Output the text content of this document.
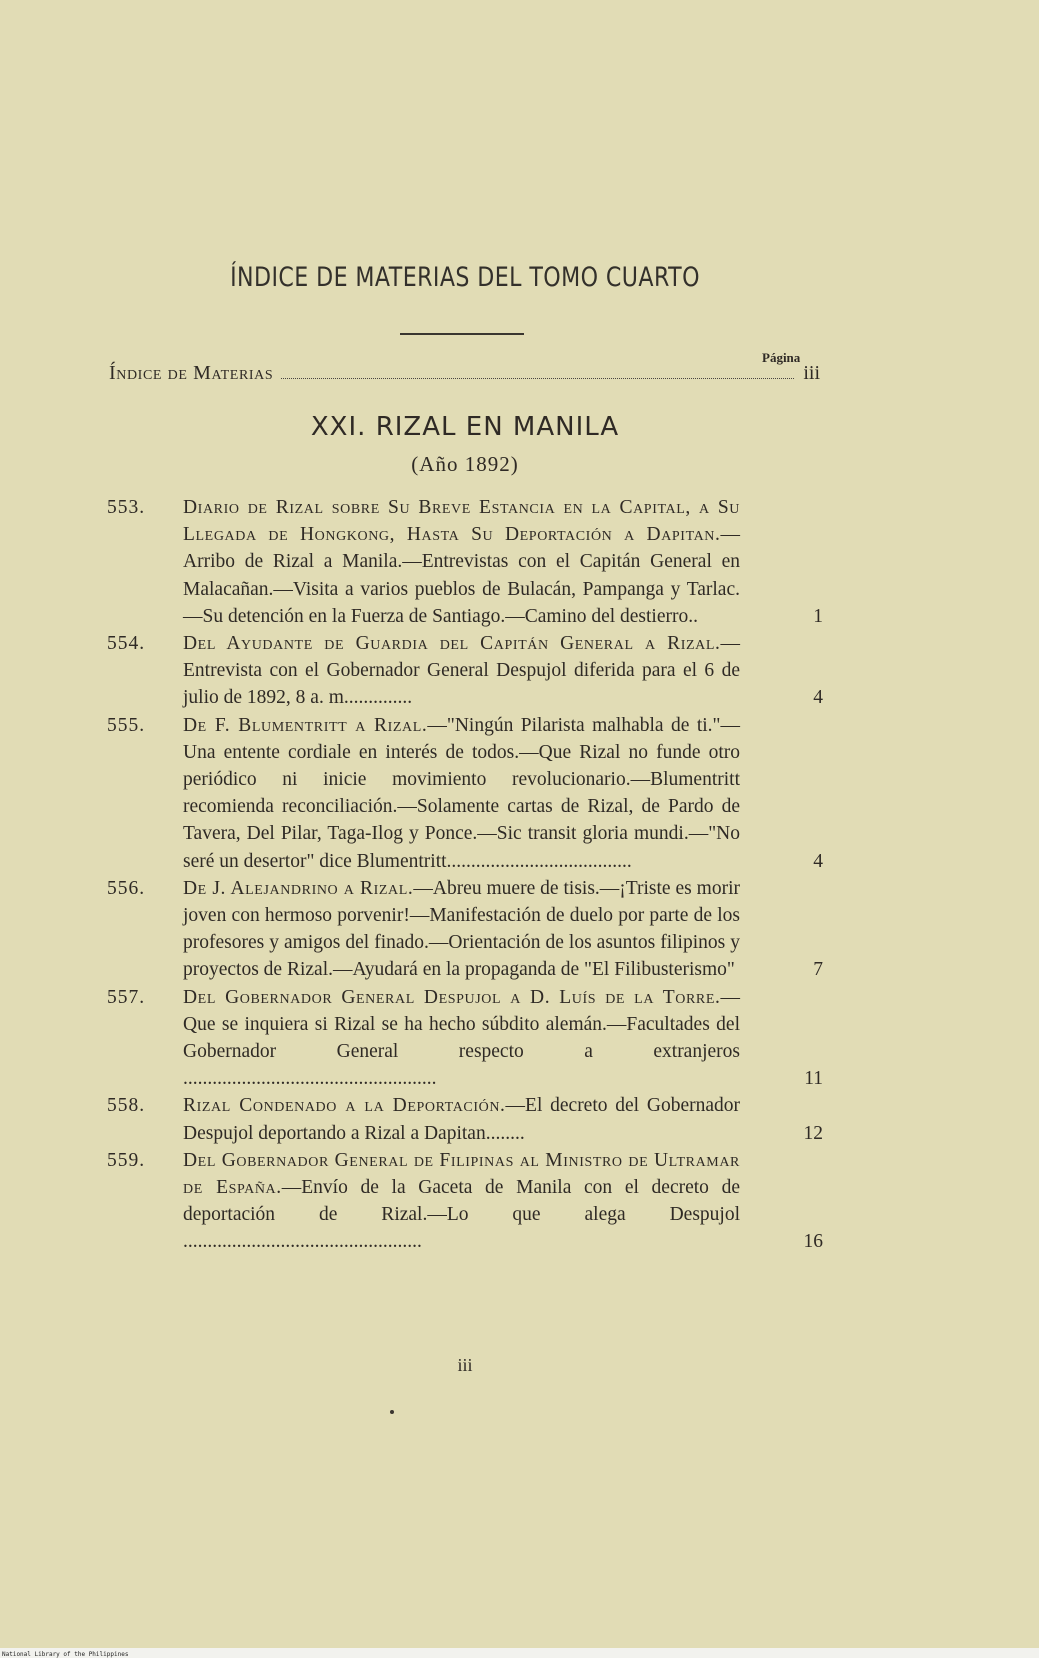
ÍNDICE DE MATERIAS DEL TOMO CUARTO
Página
Índice de Materias	iii
XXI. RIZAL EN MANILA
(Año 1892)
553. Diario de Rizal sobre Su Breve Estancia en la Capital, a Su Llegada de Hongkong, Hasta Su Deportación a Dapitan.—Arribo de Rizal a Manila.—Entrevistas con el Capitán General en Malacañan.—Visita a varios pueblos de Bulacán, Pampanga y Tarlac.—Su detención en la Fuerza de Santiago.—Camino del destierro..	1
554. Del Ayudante de Guardia del Capitán General a Rizal.—Entrevista con el Gobernador General Despujol diferida para el 6 de julio de 1892, 8 a. m..............	4
555. De F. Blumentritt a Rizal.—"Ningún Pilarista malhabla de ti."—Una entente cordiale en interés de todos.—Que Rizal no funde otro periódico ni inicie movimiento revolucionario.—Blumentritt recomienda reconciliación.—Solamente cartas de Rizal, de Pardo de Tavera, Del Pilar, Taga-Ilog y Ponce.—Sic transit gloria mundi.—"No seré un desertor" dice Blumentritt......................................	4
556. De J. Alejandrino a Rizal.—Abreu muere de tisis.—¡Triste es morir joven con hermoso porvenir!—Manifestación de duelo por parte de los profesores y amigos del finado.—Orientación de los asuntos filipinos y proyectos de Rizal.—Ayudará en la propaganda de "El Filibusterismo"	7
557. Del Gobernador General Despujol a D. Luís de la Torre.—Que se inquiera si Rizal se ha hecho súbdito alemán.—Facultades del Gobernador General respecto a extranjeros ....................................................	11
558. Rizal Condenado a la Deportación.—El decreto del Gobernador Despujol deportando a Rizal a Dapitan........	12
559. Del Gobernador General de Filipinas al Ministro de Ultramar de España.—Envío de la Gaceta de Manila con el decreto de deportación de Rizal.—Lo que alega Despujol .................................................	16
iii
National Library of the Philippines
